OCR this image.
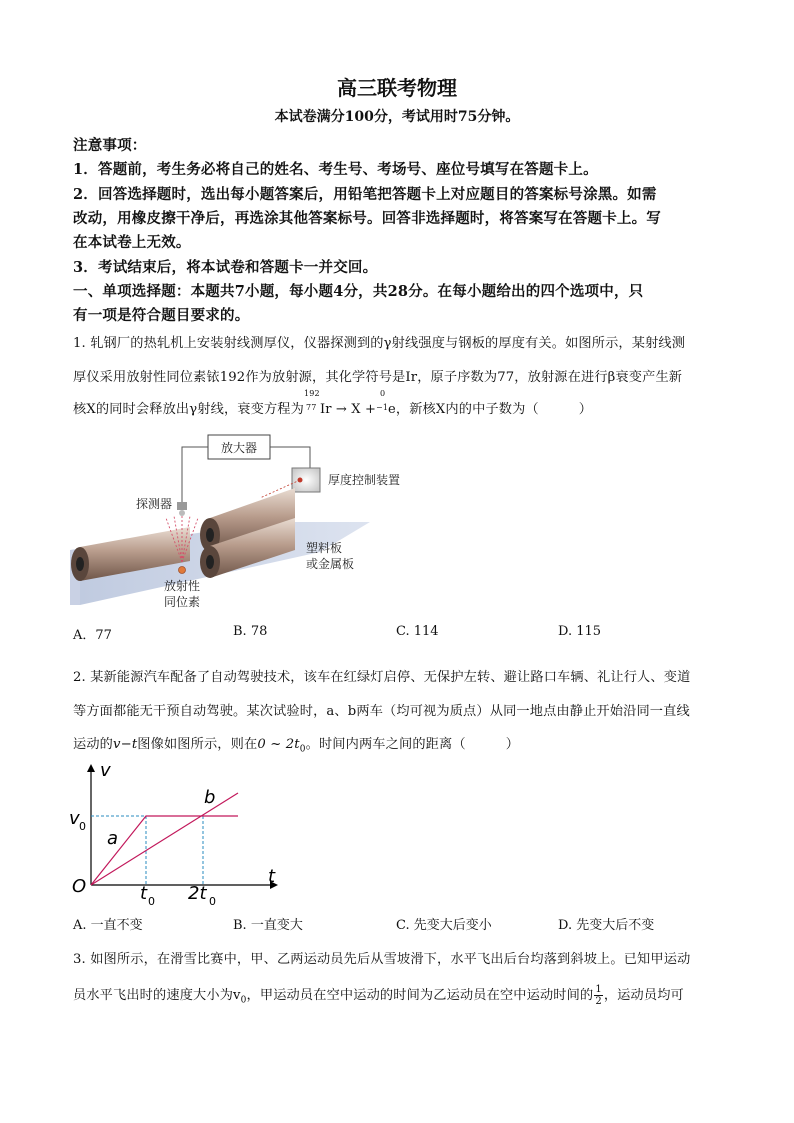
高三联考物理
本试卷满分100分，考试用时75分钟。
注意事项：
1．答题前，考生务必将自己的姓名、考生号、考场号、座位号填写在答题卡上。
2．回答选择题时，选出每小题答案后，用铅笔把答题卡上对应题目的答案标号涂黑。如需
改动，用橡皮擦干净后，再选涂其他答案标号。回答非选择题时，将答案写在答题卡上。写
在本试卷上无效。
3．考试结束后，将本试卷和答题卡一并交回。
一、单项选择题：本题共7小题，每小题4分，共28分。在每小题给出的四个选项中，只
有一项是符合题目要求的。
1. 轧钢厂的热轧机上安装射线测厚仪，仪器探测到的γ射线强度与钢板的厚度有关。如图所示，某射线测
厚仪采用放射性同位素铱192作为放射源，其化学符号是Ir，原子序数为77，放射源在进行β衰变产生新
核X的同时会释放出γ射线，衰变方程为
192
77 Ir → X +
0
−1 e，新核X内的中子数为（	）
放大器
厚度控制装置
探测器
放射性
同位素
塑料板
或金属板
A．77	B. 78	C. 114	D. 115
2. 某新能源汽车配备了自动驾驶技术，该车在红绿灯启停、无保护左转、避让路口车辆、礼让行人、变道
等方面都能无干预自动驾驶。某次试验时，a、b两车（均可视为质点）从同一地点由静止开始沿同一直线
运动的v−t图像如图所示，则在0 ~ $2t_0$。时间内两车之间的距离（	）
v
t
O
v 0
t 0 2t 0
a
b
A. 一直不变	B. 一直变大	C. 先变大后变小	D. 先变大后不变
3. 如图所示，在滑雪比赛中，甲、乙两运动员先后从雪坡滑下，水平飞出后台均落到斜坡上。已知甲运动
员水平飞出时的速度大小为$v_0$，甲运动员在空中运动的时间为乙运动员在空中运动时间的 $\frac{1}{2}$ ，运动员均可
